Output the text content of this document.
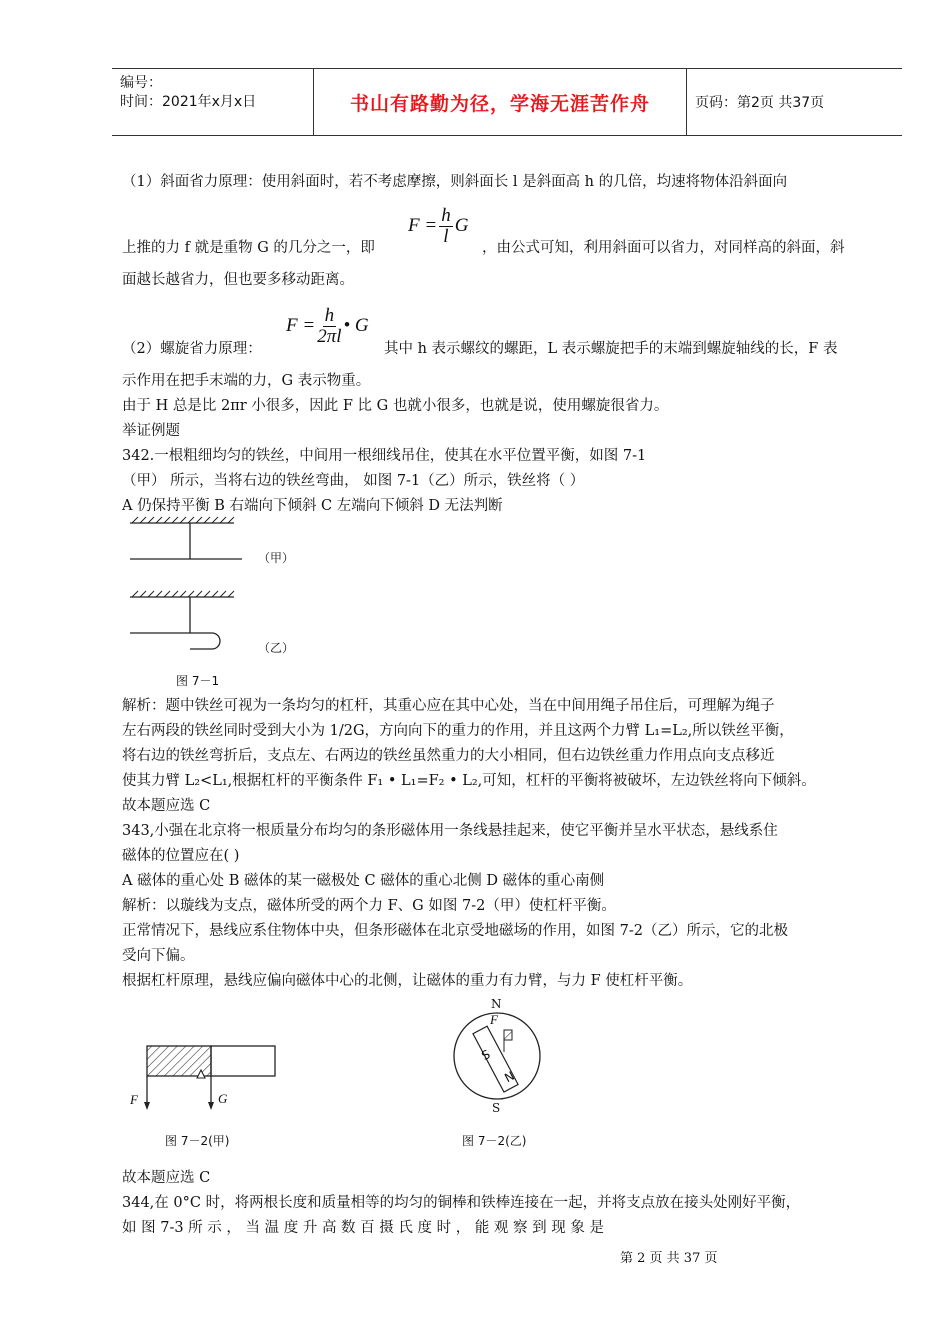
编号：
时间：2021年x月x日	书山有路勤为径，学海无涯苦作舟	页码：第2页 共37页
（1）斜面省力原理：使用斜面时，若不考虑摩擦，则斜面长 l 是斜面高 h 的几倍，均速将物体沿斜面向
$F = \frac{h}{l}$ G
上推的力 f 就是重物 G 的几分之一，即	，由公式可知，利用斜面可以省力，对同样高的斜面，斜
面越长越省力，但也要多移动距离。
$F = \frac{h}{2\pi l}$ • G
（2）螺旋省力原理：	其中 h 表示螺纹的螺距，L 表示螺旋把手的末端到螺旋轴线的长，F 表
示作用在把手末端的力，G 表示物重。
由于 H 总是比 2πr 小很多，因此 F 比 G 也就小很多，也就是说，使用螺旋很省力。
举证例题
342.一根粗细均匀的铁丝，中间用一根细线吊住，使其在水平位置平衡，如图 7-1
（甲） 所示，当将右边的铁丝弯曲， 如图 7-1（乙）所示，铁丝将（ ）
A 仍保持平衡 B 右端向下倾斜 C 左端向下倾斜 D 无法判断
（甲）
（乙）
图 7－1
解析：题中铁丝可视为一条均匀的杠杆，其重心应在其中心处，当在中间用绳子吊住后，可理解为绳子
左右两段的铁丝同时受到大小为 1/2G，方向向下的重力的作用，并且这两个力臂 L₁=L₂,所以铁丝平衡，
将右边的铁丝弯折后，支点左、右两边的铁丝虽然重力的大小相同，但右边铁丝重力作用点向支点移近
使其力臂 L₂<L₁,根据杠杆的平衡条件 F₁ • L₁=F₂ • L₂,可知，杠杆的平衡将被破坏，左边铁丝将向下倾斜。
故本题应选 C
343,小强在北京将一根质量分布均匀的条形磁体用一条线悬挂起来，使它平衡并呈水平状态，悬线系住
磁体的位置应在( )
A 磁体的重心处 B 磁体的某一磁极处 C 磁体的重心北侧 D 磁体的重心南侧
解析：以璇线为支点，磁体所受的两个力 F、G 如图 7-2（甲）使杠杆平衡。
正常情况下，悬线应系住物体中央，但条形磁体在北京受地磁场的作用，如图 7-2（乙）所示，它的北极
受向下偏。
根据杠杆原理，悬线应偏向磁体中心的北侧，让磁体的重力有力臂，与力 F 使杠杆平衡。
F	G
图 7－2(甲)
N
F
S
N
S
图 7－2(乙)
故本题应选 C
344,在 0°C 时，将两根长度和质量相等的均匀的铜棒和铁棒连接在一起，并将支点放在接头处刚好平衡，
如 图 7-3 所 示 ， 当 温 度 升 高 数 百 摄 氏 度 时 ， 能 观 察 到 现 象 是
第 2 页 共 37 页
